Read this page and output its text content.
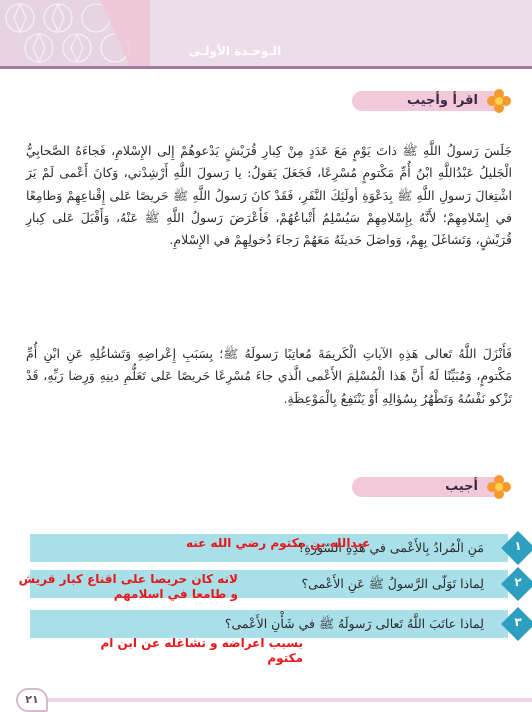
الـوحـدة الأولـى
اقرأ وأجيب

جَلَسَ رَسولُ اللَّهِ ﷺ ذاتَ يَوْمٍ مَعَ عَدَدٍ مِنْ كِبارِ قُرَيْشٍ يَدْعوهُمْ إِلى الإِسْلامِ، فَجاءَهُ الصَّحابِيُّ الْجَليلُ عَبْدُاللَّهِ ابْنُ أُمِّ مَكْتومٍ مُسْرِعًا، فَجَعَلَ يَقولُ: يا رَسولَ اللَّهِ أَرْشِدْني، وَكانَ أَعْمى لَمْ يَرَ اشْتِغالَ رَسولِ اللَّهِ ﷺ بِدَعْوَةِ أولَئِكَ النَّفَرِ، فَقَدْ كانَ رَسولُ اللَّهِ ﷺ حَريصًا عَلى إِقْناعِهِمْ وَطامِعًا في إِسْلامِهِمْ؛ لأَنَّهُ بِإِسْلامِهِمْ سَيُسْلِمُ أَتْباعُهُمْ، فَأَعْرَضَ رَسولُ اللَّهِ ﷺ عَنْهُ، وَأَقْبَلَ عَلى كِبارِ قُرَيْشٍ، وَتَشاغَلَ بِهِمْ، وَواصَلَ حَديثَهُ مَعَهُمْ رَجاءَ دُخولِهِمْ في الإِسْلامِ.

فَأَنْزَلَ اللَّهُ تَعالى هَذِهِ الآياتِ الْكَريمَةَ مُعاتِبًا رَسولَهُ ﷺ؛ بِسَبَبِ إِعْراضِهِ وَتَشاغُلِهِ عَنِ ابْنِ أُمِّ مَكْتومٍ، وَمُبَيِّنًا لَهُ أَنَّ هَذا الْمُسْلِمَ الأَعْمى الَّذي جاءَ مُسْرِعًا حَريصًا عَلى تَعَلُّمِ دينِهِ وَرِضا رَبِّهِ، قَدْ تَزْكو نَفْسُهُ وَتَطْهُرُ بِسُؤالِهِ أَوْ يَنْتَفِعُ بِالْمَوْعِظَةِ.

أجيب
١
مَنِ الْمُرادُ بِالأَعْمى في هَذِهِ السّورَةِ؟
٢
لِماذا تَوَلّى الرَّسولُ ﷺ عَنِ الأَعْمى؟
٣
لِماذا عاتَبَ اللَّهُ تَعالى رَسولَهُ ﷺ في شَأْنِ الأَعْمى؟
عبدالله بن مكتوم رضي الله عنه
لانه كان حريصا على اقناع كبار قريش
و طامعا في اسلامهم
بسبب اعراضه و تشاغله عن ابن ام
مكتوم
٢١
